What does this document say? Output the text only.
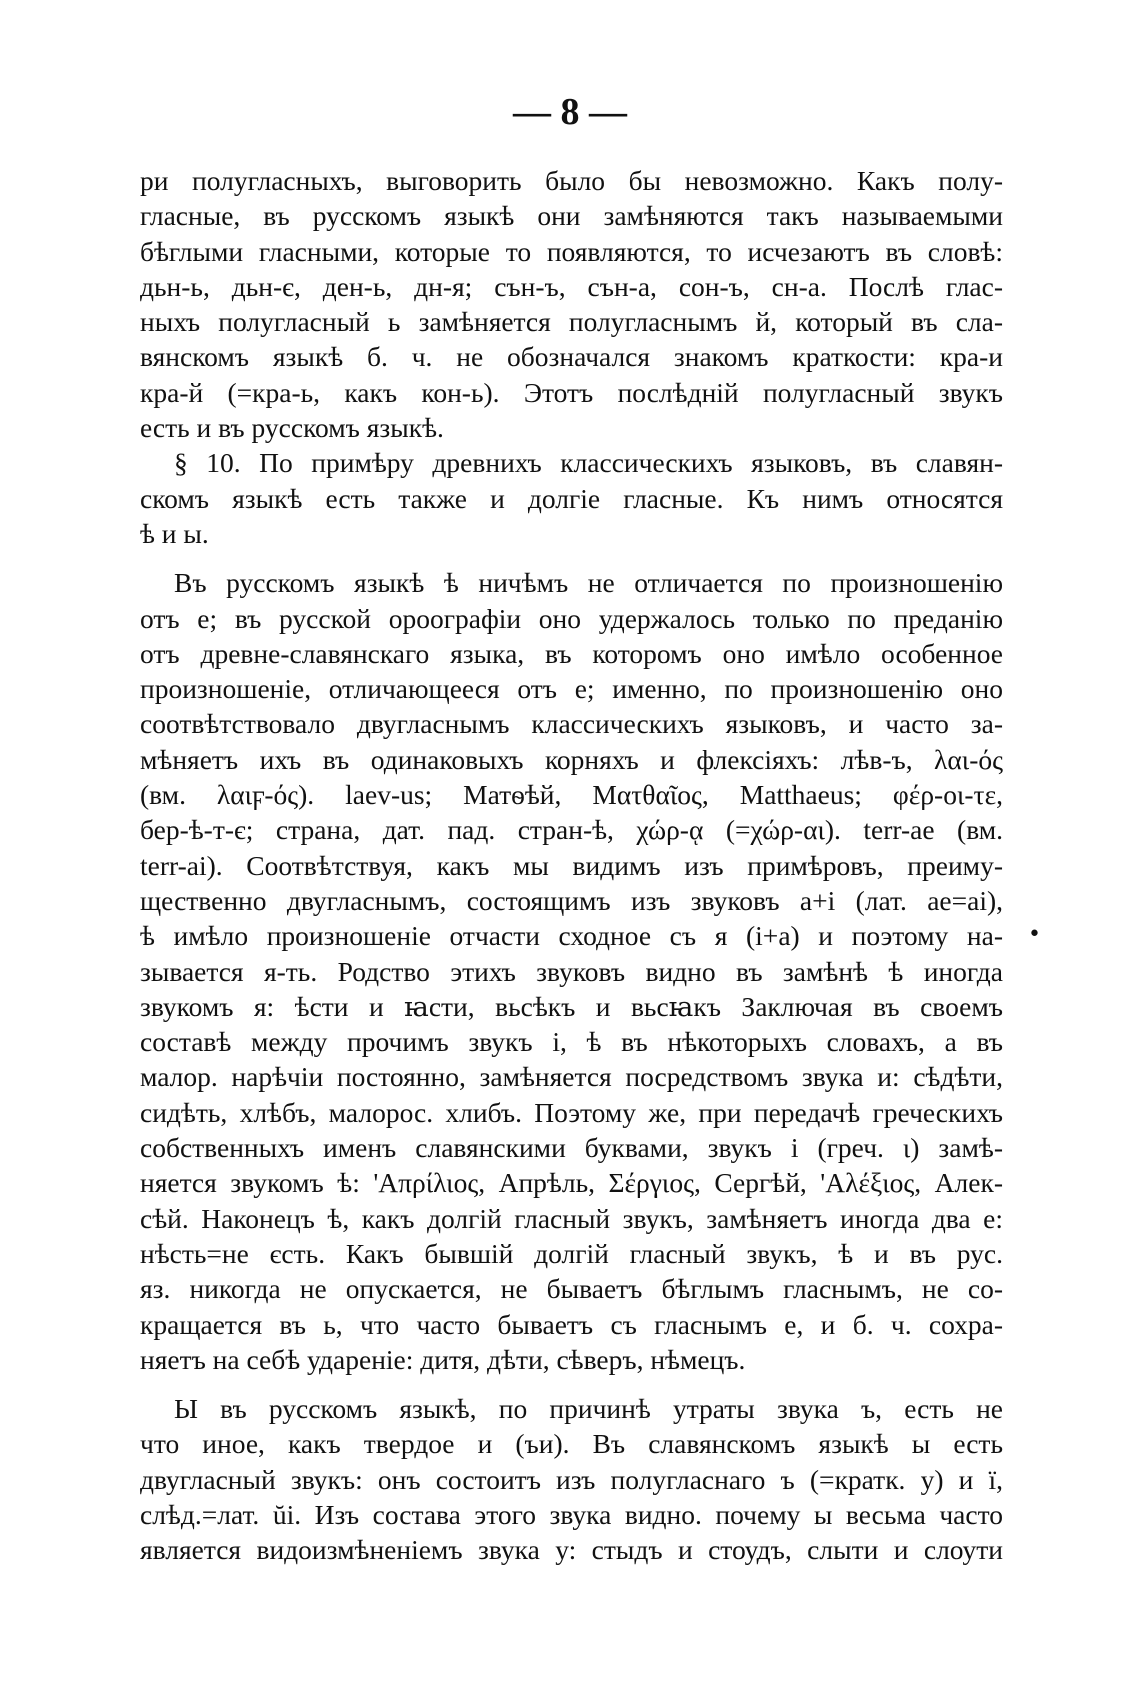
— 8 —
ри полугласныхъ, выговорить было бы невозможно. Какъ полу-
гласные, въ русскомъ языкѣ они замѣняются такъ называемыми
бѣглыми гласными, которые то появляются, то исчезаютъ въ словѣ:
дьн-ь, дьн-є, ден-ь, дн-я; сън-ъ, сън-а, сон-ъ, сн-а. Послѣ глас-
ныхъ полугласный ь замѣняется полугласнымъ й, который въ сла-
вянскомъ языкѣ б. ч. не обозначался знакомъ краткости: кра-и
кра-й (=кра-ь, какъ кон-ь). Этотъ послѣдній полугласный звукъ
есть и въ русскомъ языкѣ.
§ 10. По примѣру древнихъ классическихъ языковъ, въ славян-
скомъ языкѣ есть также и долгіе гласные. Къ нимъ относятся
ѣ и ы.
Въ русскомъ языкѣ ѣ ничѣмъ не отличается по произношенію
отъ е; въ русской ороографіи оно удержалось только по преданію
отъ древне-славянскаго языка, въ которомъ оно имѣло особенное
произношеніе, отличающееся отъ е; именно, по произношенію оно
соотвѣтствовало двугласнымъ классическихъ языковъ, и часто за-
мѣняетъ ихъ въ одинаковыхъ корняхъ и флексіяхъ: лѣв-ъ, λαι-ός
(вм. λαιϝ-ός). laev-us; Матѳѣй, Ματθαῖος, Matthaeus; φέρ-οι-τε,
бер-ѣ-т-є; страна, дат. пад. стран-ѣ, χώρ-ᾳ (=χώρ-αι). terr-ae (вм.
terr-ai). Соотвѣтствуя, какъ мы видимъ изъ примѣровъ, преиму-
щественно двугласнымъ, состоящимъ изъ звуковъ а+і (лат. ae=ai),
ѣ имѣло произношеніе отчасти сходное съ я (і+а) и поэтому на-
зывается я-ть. Родство этихъ звуковъ видно въ замѣнѣ ѣ иногда
звукомъ я: ѣсти и ꙗсти, вьсѣкъ и вьсꙗкъ Заключая въ своемъ
составѣ между прочимъ звукъ і, ѣ въ нѣкоторыхъ словахъ, а въ
малор. нарѣчіи постоянно, замѣняется посредствомъ звука и: сѣдѣти,
сидѣть, хлѣбъ, малорос. хлибъ. Поэтому же, при передачѣ греческихъ
собственныхъ именъ славянскими буквами, звукъ і (греч. ι) замѣ-
няется звукомъ ѣ: 'Απρίλιος, Апрѣль, Σέργιος, Сергѣй, 'Αλέξιος, Алек-
сѣй. Наконецъ ѣ, какъ долгій гласный звукъ, замѣняетъ иногда два е:
нѣсть=не єсть. Какъ бывшій долгій гласный звукъ, ѣ и въ рус.
яз. никогда не опускается, не бываетъ бѣглымъ гласнымъ, не со-
кращается въ ь, что часто бываетъ съ гласнымъ е, и б. ч. сохра-
няетъ на себѣ удареніе: дитя, дѣти, сѣверъ, нѣмецъ.
Ы въ русскомъ языкѣ, по причинѣ утраты звука ъ, есть не
что иное, какъ твердое и (ъи). Въ славянскомъ языкѣ ы есть
двугласный звукъ: онъ состоитъ изъ полугласнаго ъ (=кратк. у) и ї,
слѣд.=лат. ŭi. Изъ состава этого звука видно. почему ы весьма часто
является видоизмѣненіемъ звука у: стыдъ и стоудъ, слыти и слоути
•
